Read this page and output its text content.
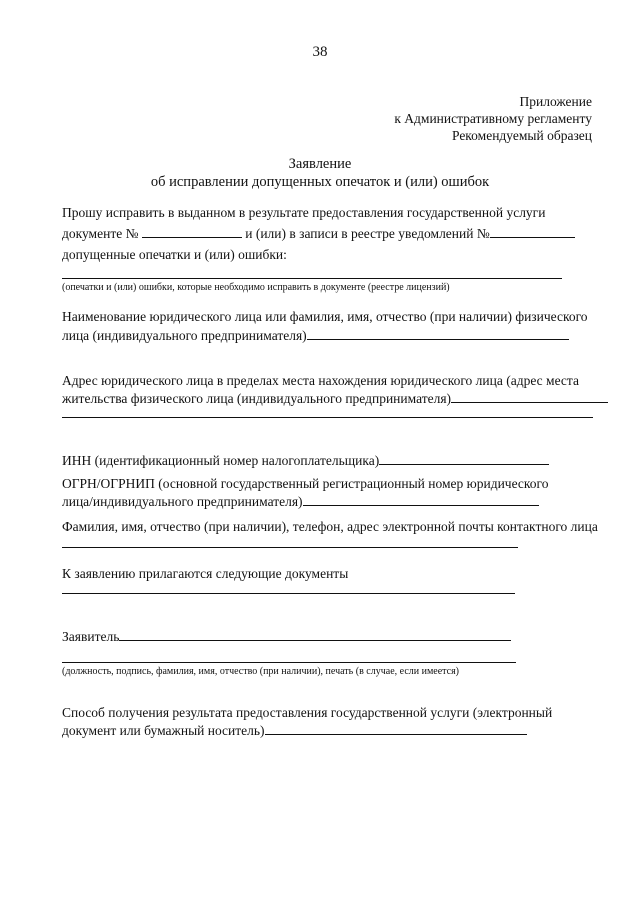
38
Приложение
к Административному регламенту
Рекомендуемый образец
Заявление
об исправлении допущенных опечаток и (или) ошибок
Прошу исправить в выданном в результате предоставления государственной услуги
документе №	и (или) в записи в реестре уведомлений №
допущенные опечатки и (или) ошибки:
(опечатки и (или) ошибки, которые необходимо исправить в документе (реестре лицензий)
Наименование юридического лица или фамилия, имя, отчество (при наличии) физического
лица (индивидуального предпринимателя)
Адрес юридического лица в пределах места нахождения юридического лица (адрес места
жительства физического лица (индивидуального предпринимателя)
ИНН (идентификационный номер налогоплательщика)
ОГРН/ОГРНИП (основной государственный регистрационный номер юридического
лица/индивидуального предпринимателя)
Фамилия, имя, отчество (при наличии), телефон, адрес электронной почты контактного лица
К заявлению прилагаются следующие документы
Заявитель
(должность, подпись, фамилия, имя, отчество (при наличии), печать (в случае, если имеется)
Способ получения результата предоставления государственной услуги (электронный
документ или бумажный носитель)
